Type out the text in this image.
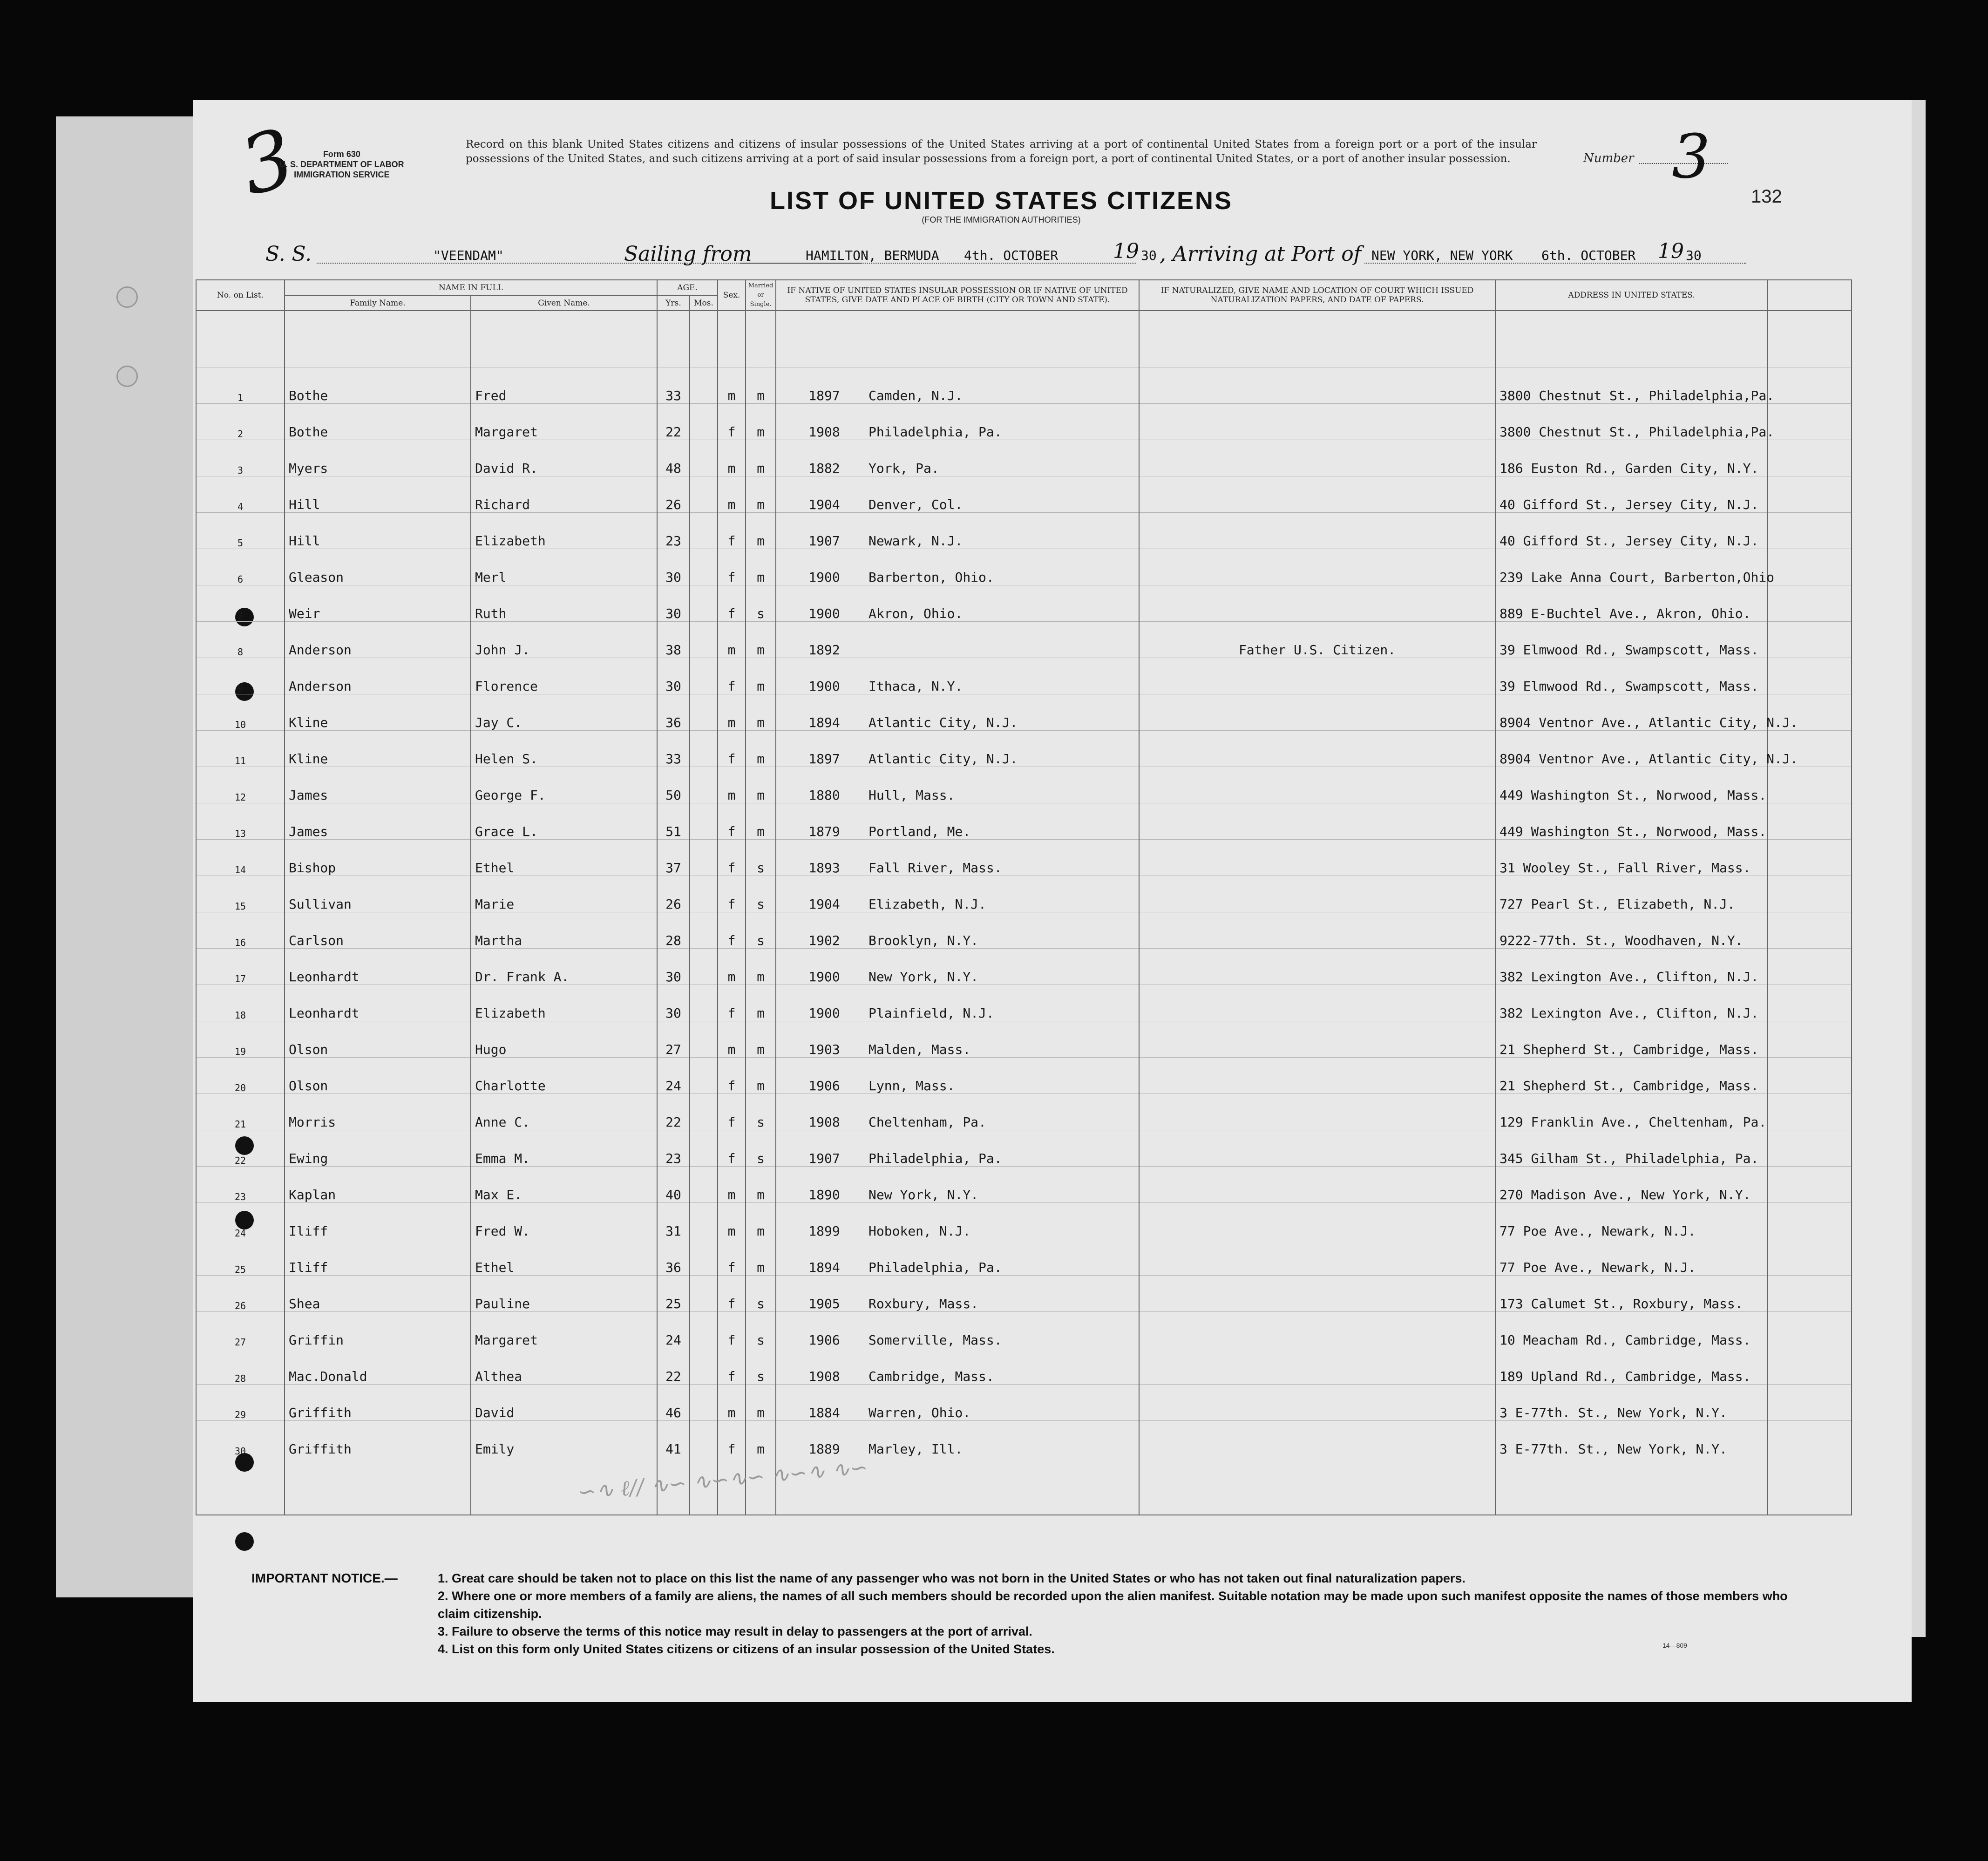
3	Form 630
U. S. DEPARTMENT OF LABOR
IMMIGRATION SERVICE
Record on this blank United States citizens and citizens of insular possessions of the United States arriving at a port of continental United States from a foreign port or a port of the insular possessions of the United States, and such citizens arriving at a port of said insular possessions from a foreign port, a port of continental United States, or a port of another insular possession.	Number 3
132
LIST OF UNITED STATES CITIZENS
(FOR THE IMMIGRATION AUTHORITIES)
S. S.	"VEENDAM"	Sailing from	HAMILTON, BERMUDA 4th. OCTOBER	19 30 , Arriving at Port of NEW YORK, NEW YORK 6th. OCTOBER 19 30
No. on List.	NAME IN FULL		AGE.		Sex.	Married or Single.	IF NATIVE OF UNITED STATES INSULAR POSSESSION OR IF NATIVE OF UNITED STATES, GIVE DATE AND PLACE OF BIRTH (CITY OR TOWN AND STATE).	IF NATURALIZED, GIVE NAME AND LOCATION OF COURT WHICH ISSUED NATURALIZATION PAPERS, AND DATE OF PAPERS.	ADDRESS IN UNITED STATES.	
	Family Name.	Given Name.	Yrs.	Mos.						

1	Bothe	Fred	33		m	m	1897 Camden, N.J.		3800 Chestnut St., Philadelphia,Pa.	
2	Bothe	Margaret	22		f	m	1908 Philadelphia, Pa.		3800 Chestnut St., Philadelphia,Pa.	
3	Myers	David R.	48		m	m	1882 York, Pa.		186 Euston Rd., Garden City, N.Y.	
4	Hill	Richard	26		m	m	1904 Denver, Col.		40 Gifford St., Jersey City, N.J.	
5	Hill	Elizabeth	23		f	m	1907 Newark, N.J.		40 Gifford St., Jersey City, N.J.	
6	Gleason	Merl	30		f	m	1900 Barberton, Ohio.		239 Lake Anna Court, Barberton,Ohio	
7	Weir	Ruth	30		f	s	1900 Akron, Ohio.		889 E-Buchtel Ave., Akron, Ohio.	
8	Anderson	John J.	38		m	m	1892	Father U.S. Citizen.	39 Elmwood Rd., Swampscott, Mass.	
9	Anderson	Florence	30		f	m	1900 Ithaca, N.Y.		39 Elmwood Rd., Swampscott, Mass.	
10	Kline	Jay C.	36		m	m	1894 Atlantic City, N.J.		8904 Ventnor Ave., Atlantic City, N.J.	
11	Kline	Helen S.	33		f	m	1897 Atlantic City, N.J.		8904 Ventnor Ave., Atlantic City, N.J.	
12	James	George F.	50		m	m	1880 Hull, Mass.		449 Washington St., Norwood, Mass.	
13	James	Grace L.	51		f	m	1879 Portland, Me.		449 Washington St., Norwood, Mass.	
14	Bishop	Ethel	37		f	s	1893 Fall River, Mass.		31 Wooley St., Fall River, Mass.	
15	Sullivan	Marie	26		f	s	1904 Elizabeth, N.J.		727 Pearl St., Elizabeth, N.J.	
16	Carlson	Martha	28		f	s	1902 Brooklyn, N.Y.		9222-77th. St., Woodhaven, N.Y.	
17	Leonhardt	Dr. Frank A.	30		m	m	1900 New York, N.Y.		382 Lexington Ave., Clifton, N.J.	
18	Leonhardt	Elizabeth	30		f	m	1900 Plainfield, N.J.		382 Lexington Ave., Clifton, N.J.	
19	Olson	Hugo	27		m	m	1903 Malden, Mass.		21 Shepherd St., Cambridge, Mass.	
20	Olson	Charlotte	24		f	m	1906 Lynn, Mass.		21 Shepherd St., Cambridge, Mass.	
21	Morris	Anne C.	22		f	s	1908 Cheltenham, Pa.		129 Franklin Ave., Cheltenham, Pa.	
22	Ewing	Emma M.	23		f	s	1907 Philadelphia, Pa.		345 Gilham St., Philadelphia, Pa.	
23	Kaplan	Max E.	40		m	m	1890 New York, N.Y.		270 Madison Ave., New York, N.Y.	
24	Iliff	Fred W.	31		m	m	1899 Hoboken, N.J.		77 Poe Ave., Newark, N.J.	
25	Iliff	Ethel	36		f	m	1894 Philadelphia, Pa.		77 Poe Ave., Newark, N.J.	
26	Shea	Pauline	25		f	s	1905 Roxbury, Mass.		173 Calumet St., Roxbury, Mass.	
27	Griffin	Margaret	24		f	s	1906 Somerville, Mass.		10 Meacham Rd., Cambridge, Mass.	
28	Mac.Donald	Althea	22		f	s	1908 Cambridge, Mass.		189 Upland Rd., Cambridge, Mass.	
29	Griffith	David	46		m	m	1884 Warren, Ohio.		3 E-77th. St., New York, N.Y.	
30	Griffith	Emily	41		f	m	1889 Marley, Ill.		3 E-77th. St., New York, N.Y.	

∽∿ ℓ∕∕ ∿∽ ∿∽∿∽ ∿∽∿ ∿∽
IMPORTANT NOTICE.—	1. Great care should be taken not to place on this list the name of any passenger who was not born in the United States or who has not taken out final naturalization papers.

2. Where one or more members of a family are aliens, the names of all such members should be recorded upon the alien manifest. Suitable notation may be made upon such manifest opposite the names of those members who claim citizenship.

3. Failure to observe the terms of this notice may result in delay to passengers at the port of arrival.

4. List on this form only United States citizens or citizens of an insular possession of the United States.	14—809
